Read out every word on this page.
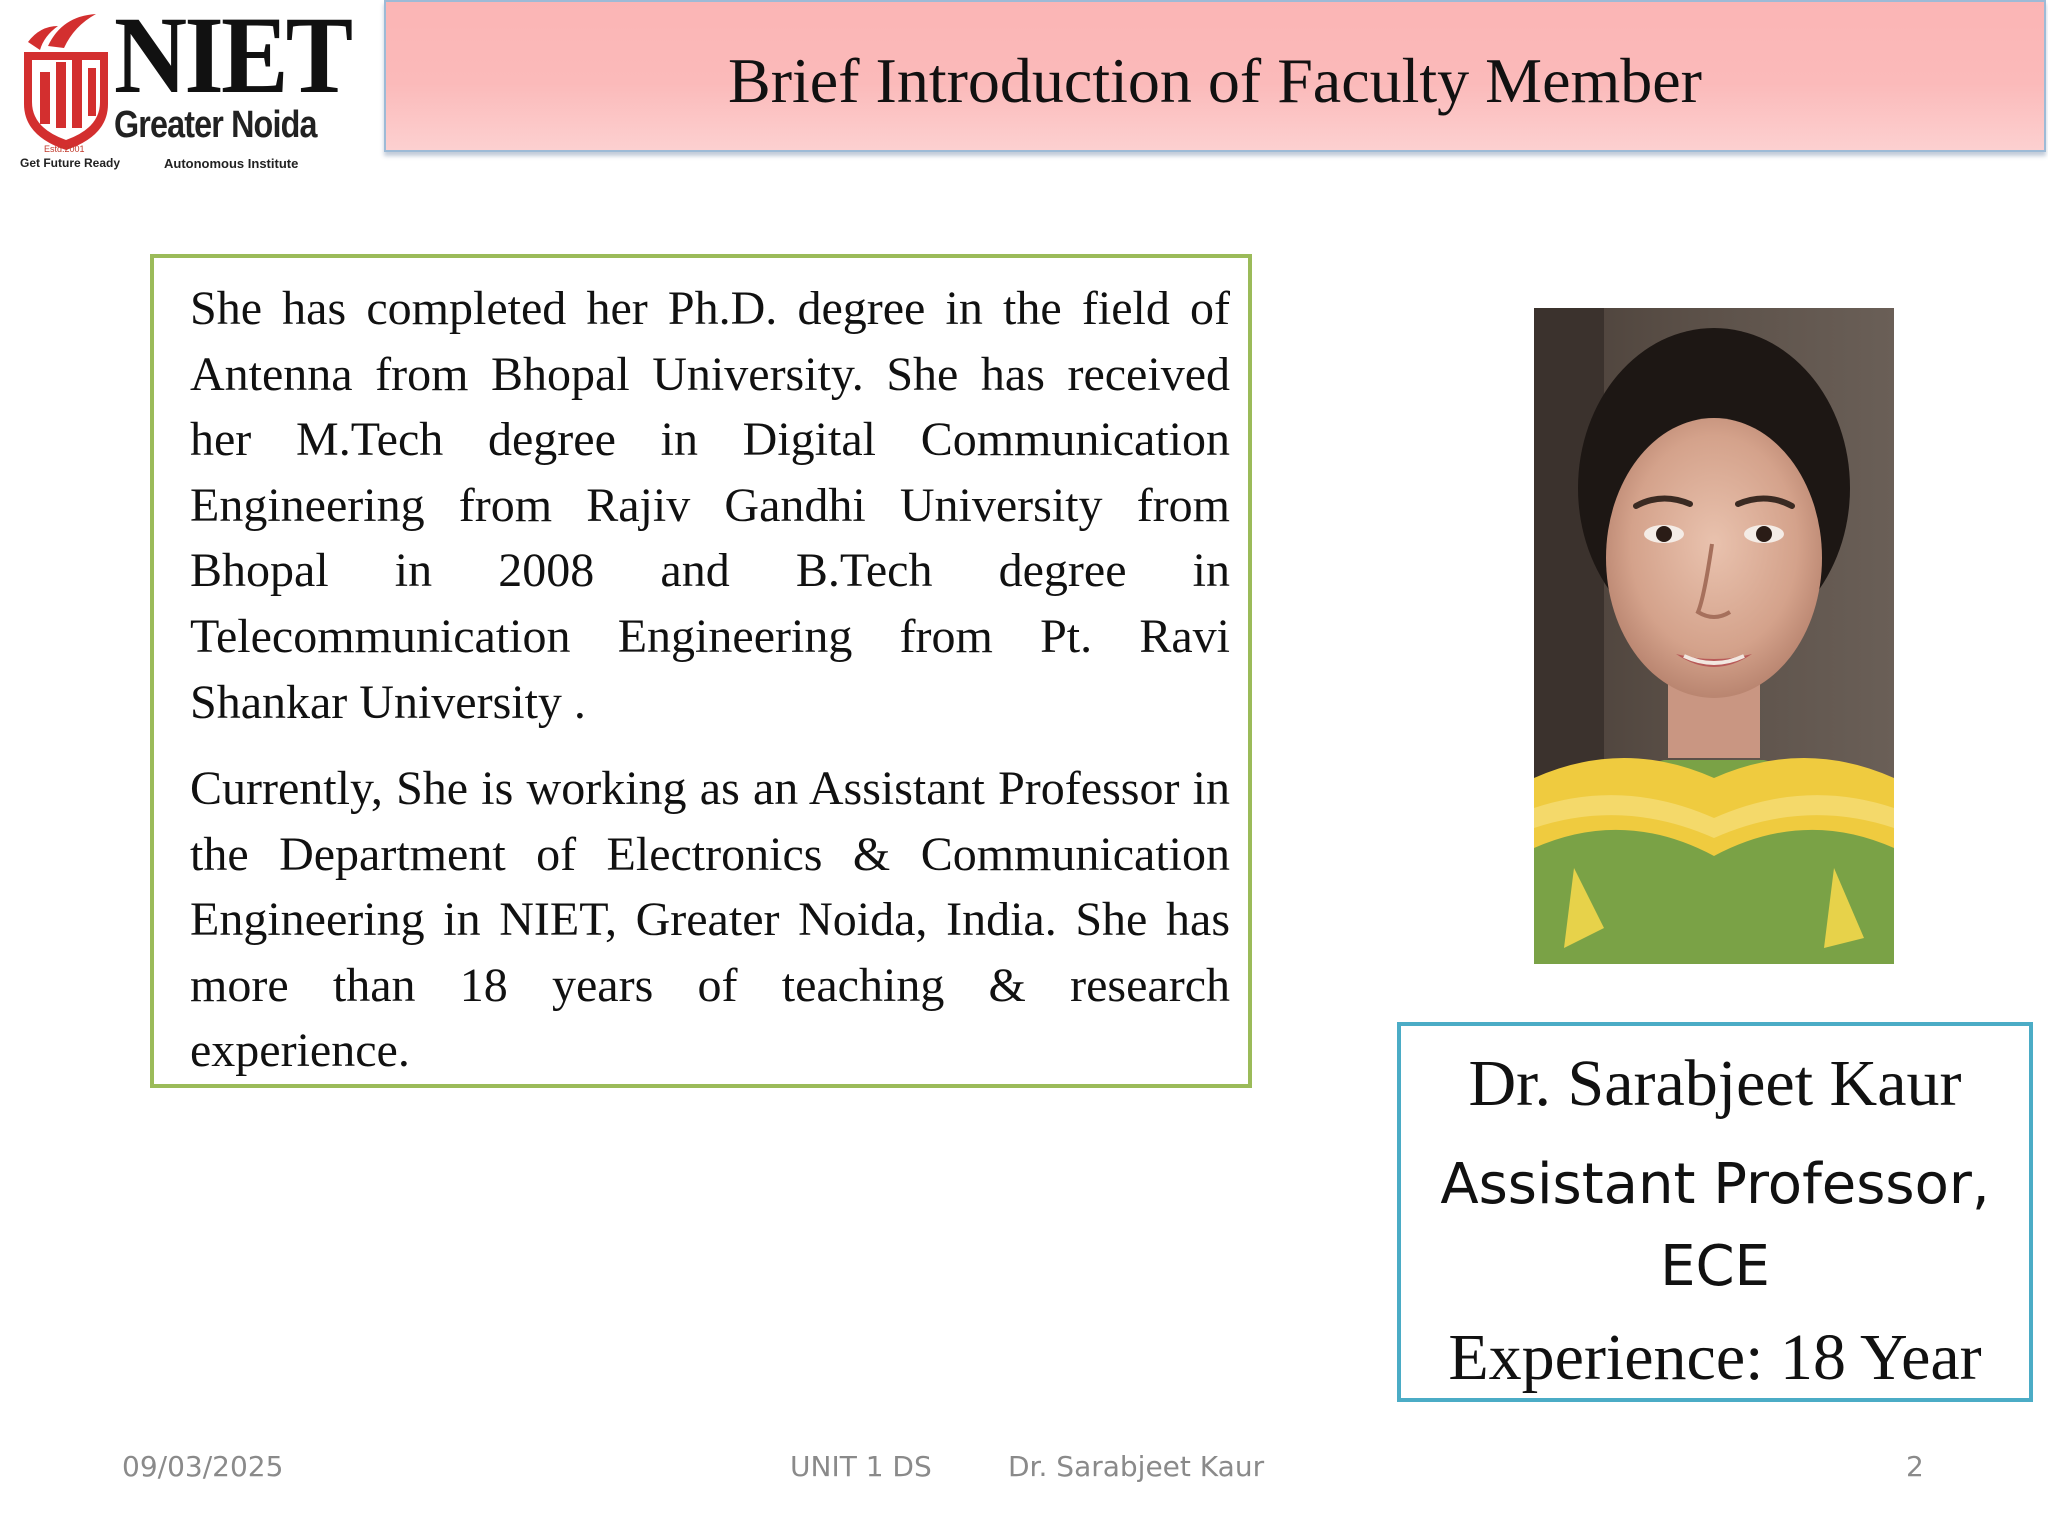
NIET
Greater Noida
Estd.2001
Get Future Ready	Autonomous Institute
Brief Introduction of Faculty Member

She has completed her Ph.D. degree in the field of Antenna from Bhopal University. She has received her M.Tech degree in Digital Communication Engineering from Rajiv Gandhi University from Bhopal in 2008 and B.Tech degree in Telecommunication Engineering from Pt. Ravi Shankar University .

Currently, She is working as an Assistant Professor in the Department of Electronics & Communication Engineering in NIET, Greater Noida, India. She has more than 18 years of teaching & research experience.	Dr. Sarabjeet Kaur
Assistant Professor,
ECE
Experience: 18 Year
09/03/2025	UNIT 1 DS	Dr. Sarabjeet Kaur	2
